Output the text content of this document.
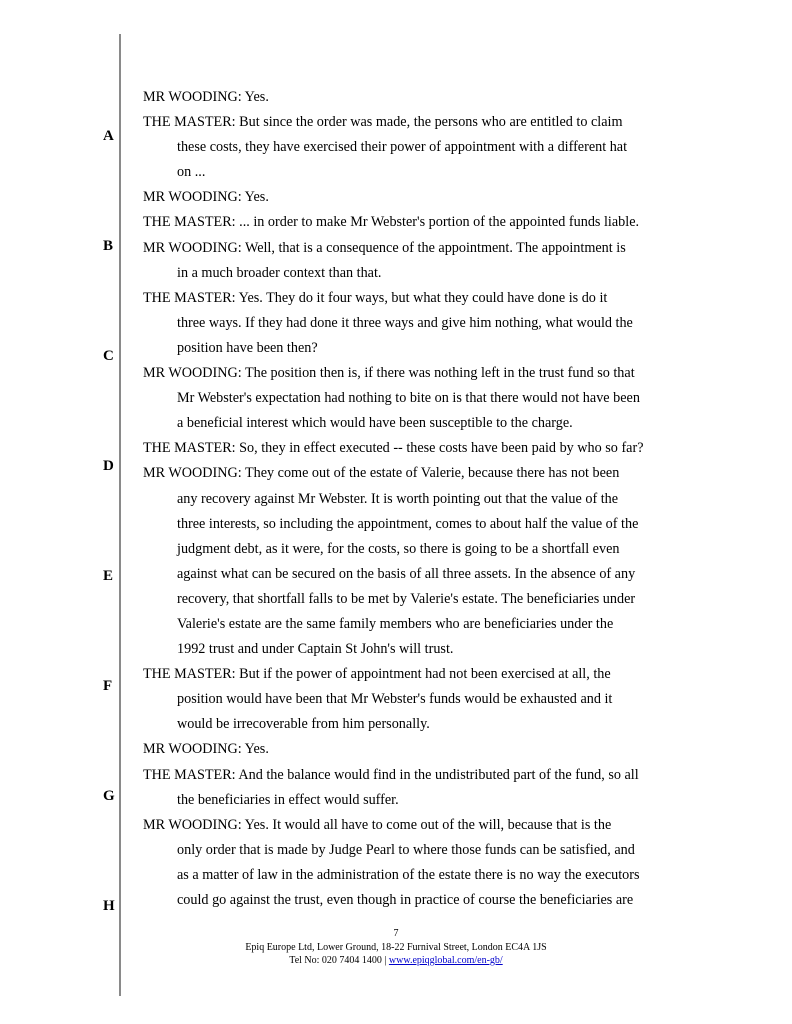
A
B
C
D
E
F
G
H
MR WOODING: Yes.
THE MASTER: But since the order was made, the persons who are entitled to claim
these costs, they have exercised their power of appointment with a different hat
on ...
MR WOODING: Yes.
THE MASTER: ... in order to make Mr Webster's portion of the appointed funds liable.
MR WOODING: Well, that is a consequence of the appointment. The appointment is
in a much broader context than that.
THE MASTER: Yes. They do it four ways, but what they could have done is do it
three ways. If they had done it three ways and give him nothing, what would the
position have been then?
MR WOODING: The position then is, if there was nothing left in the trust fund so that
Mr Webster's expectation had nothing to bite on is that there would not have been
a beneficial interest which would have been susceptible to the charge.
THE MASTER: So, they in effect executed -- these costs have been paid by who so far?
MR WOODING: They come out of the estate of Valerie, because there has not been
any recovery against Mr Webster. It is worth pointing out that the value of the
three interests, so including the appointment, comes to about half the value of the
judgment debt, as it were, for the costs, so there is going to be a shortfall even
against what can be secured on the basis of all three assets. In the absence of any
recovery, that shortfall falls to be met by Valerie's estate. The beneficiaries under
Valerie's estate are the same family members who are beneficiaries under the
1992 trust and under Captain St John's will trust.
THE MASTER: But if the power of appointment had not been exercised at all, the
position would have been that Mr Webster's funds would be exhausted and it
would be irrecoverable from him personally.
MR WOODING: Yes.
THE MASTER: And the balance would find in the undistributed part of the fund, so all
the beneficiaries in effect would suffer.
MR WOODING: Yes. It would all have to come out of the will, because that is the
only order that is made by Judge Pearl to where those funds can be satisfied, and
as a matter of law in the administration of the estate there is no way the executors
could go against the trust, even though in practice of course the beneficiaries are
7
Epiq Europe Ltd, Lower Ground, 18-22 Furnival Street, London EC4A 1JS
Tel No: 020 7404 1400 | www.epiqglobal.com/en-gb/
